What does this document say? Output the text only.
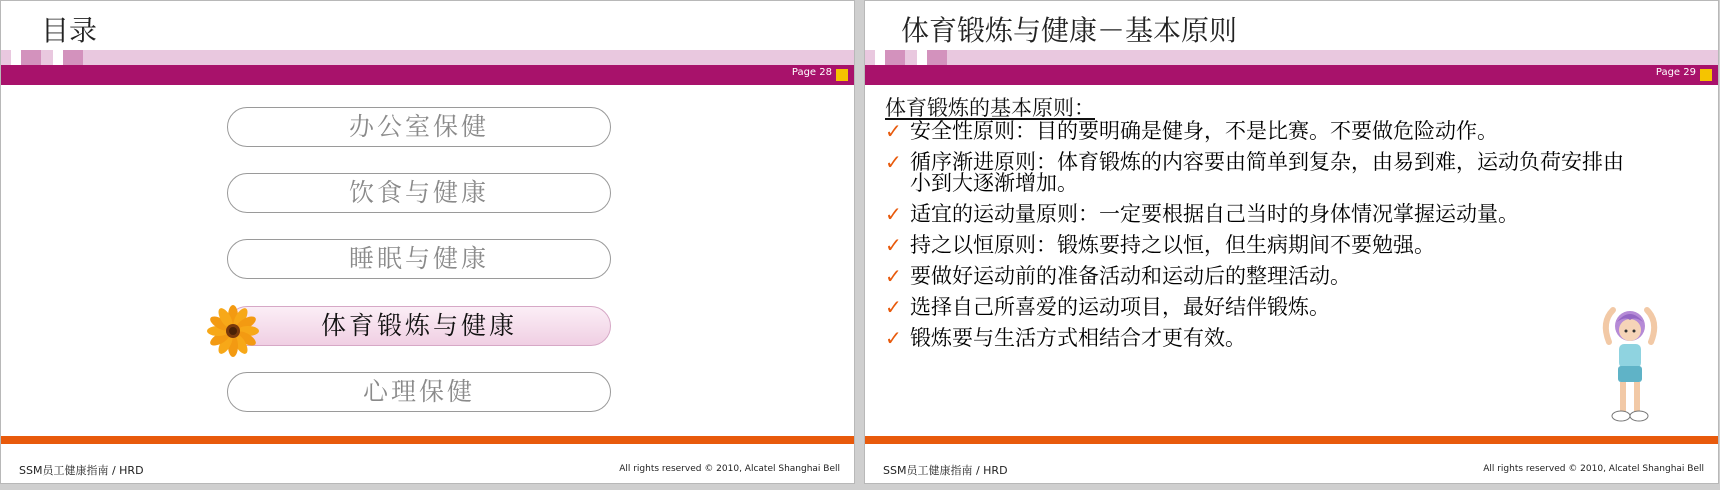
目录
Page 28
办公室保健
饮食与健康
睡眠与健康
体育锻炼与健康
心理保健
SSM员工健康指南 / HRD	All rights reserved © 2010, Alcatel Shanghai Bell
体育锻炼与健康－基本原则
Page 29
体育锻炼的基本原则：
✓ 安全性原则：目的要明确是健身，不是比赛。不要做危险动作。
✓ 循序渐进原则：体育锻炼的内容要由简单到复杂，由易到难，运动负荷安排由小到大逐渐增加。
✓ 适宜的运动量原则：一定要根据自己当时的身体情况掌握运动量。
✓ 持之以恒原则：锻炼要持之以恒，但生病期间不要勉强。
✓ 要做好运动前的准备活动和运动后的整理活动。
✓ 选择自己所喜爱的运动项目，最好结伴锻炼。
✓ 锻炼要与生活方式相结合才更有效。
SSM员工健康指南 / HRD	All rights reserved © 2010, Alcatel Shanghai Bell
